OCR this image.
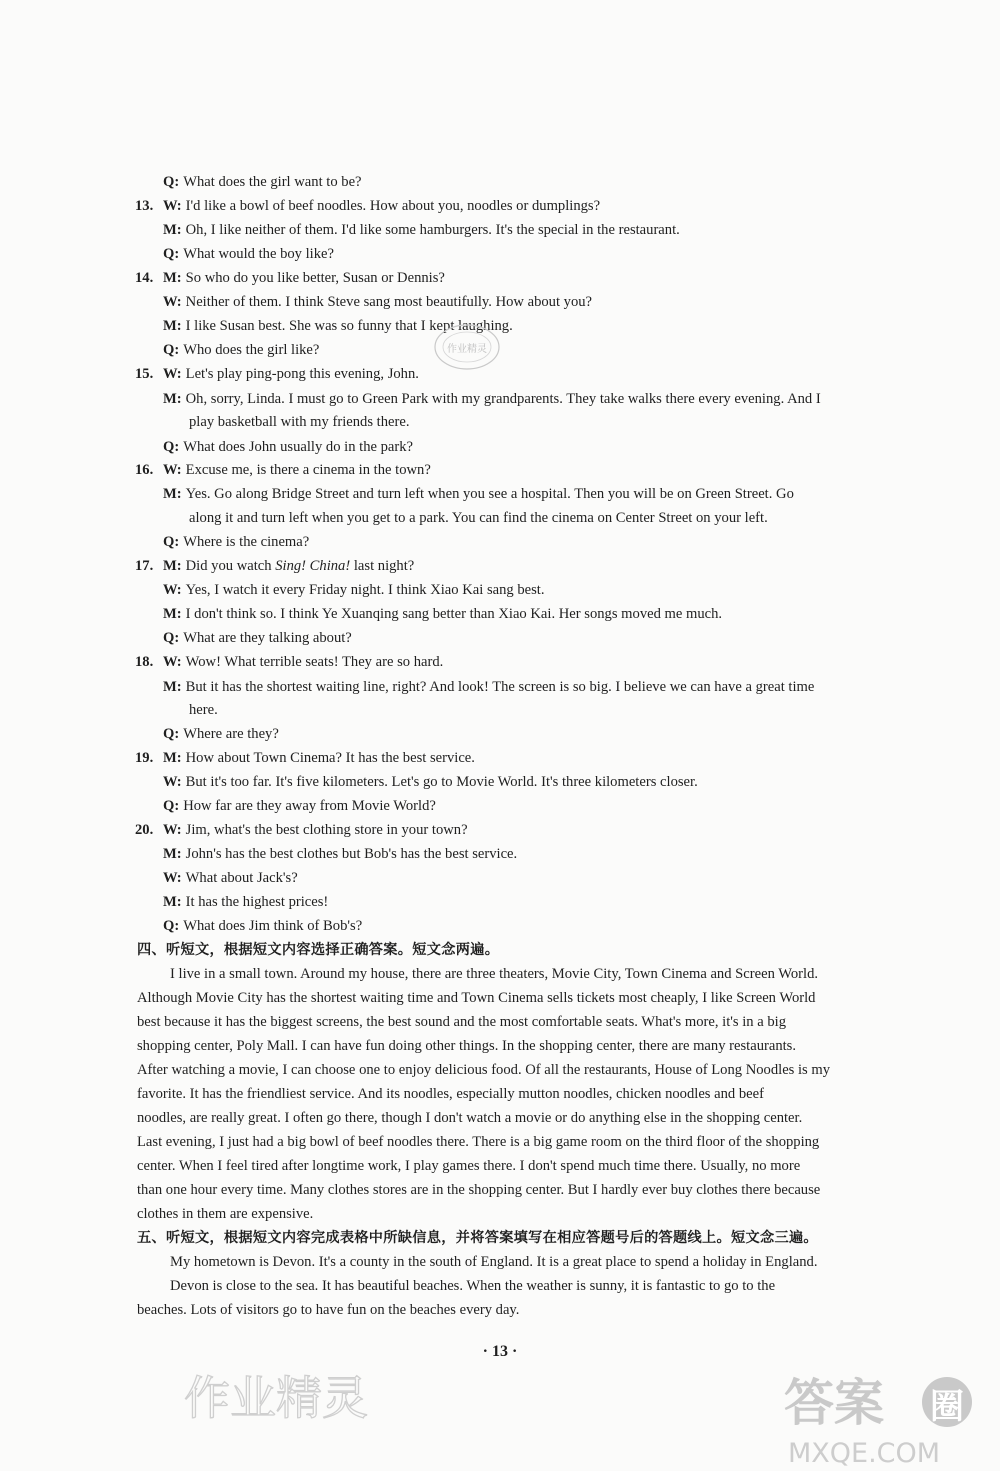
Q: What does the girl want to be?
13. W: I'd like a bowl of beef noodles. How about you, noodles or dumplings?
M: Oh, I like neither of them. I'd like some hamburgers. It's the special in the restaurant.
Q: What would the boy like?
14. M: So who do you like better, Susan or Dennis?
W: Neither of them. I think Steve sang most beautifully. How about you?
M: I like Susan best. She was so funny that I kept laughing.
Q: Who does the girl like?	作业精灵
15. W: Let's play ping-pong this evening, John.
M: Oh, sorry, Linda. I must go to Green Park with my grandparents. They take walks there every evening. And I
play basketball with my friends there.
Q: What does John usually do in the park?
16. W: Excuse me, is there a cinema in the town?
M: Yes. Go along Bridge Street and turn left when you see a hospital. Then you will be on Green Street. Go
along it and turn left when you get to a park. You can find the cinema on Center Street on your left.
Q: Where is the cinema?
17. M: Did you watch Sing! China! last night?
W: Yes, I watch it every Friday night. I think Xiao Kai sang best.
M: I don't think so. I think Ye Xuanqing sang better than Xiao Kai. Her songs moved me much.
Q: What are they talking about?
18. W: Wow! What terrible seats! They are so hard.
M: But it has the shortest waiting line, right? And look! The screen is so big. I believe we can have a great time
here.
Q: Where are they?
19. M: How about Town Cinema? It has the best service.
W: But it's too far. It's five kilometers. Let's go to Movie World. It's three kilometers closer.
Q: How far are they away from Movie World?
20. W: Jim, what's the best clothing store in your town?
M: John's has the best clothes but Bob's has the best service.
W: What about Jack's?
M: It has the highest prices!
Q: What does Jim think of Bob's?
四、听短文，根据短文内容选择正确答案。短文念两遍。
I live in a small town. Around my house, there are three theaters, Movie City, Town Cinema and Screen World.
Although Movie City has the shortest waiting time and Town Cinema sells tickets most cheaply, I like Screen World
best because it has the biggest screens, the best sound and the most comfortable seats. What's more, it's in a big
shopping center, Poly Mall. I can have fun doing other things. In the shopping center, there are many restaurants.
After watching a movie, I can choose one to enjoy delicious food. Of all the restaurants, House of Long Noodles is my
favorite. It has the friendliest service. And its noodles, especially mutton noodles, chicken noodles and beef
noodles, are really great. I often go there, though I don't watch a movie or do anything else in the shopping center.
Last evening, I just had a big bowl of beef noodles there. There is a big game room on the third floor of the shopping
center. When I feel tired after longtime work, I play games there. I don't spend much time there. Usually, no more
than one hour every time. Many clothes stores are in the shopping center. But I hardly ever buy clothes there because
clothes in them are expensive.
五、听短文，根据短文内容完成表格中所缺信息，并将答案填写在相应答题号后的答题线上。短文念三遍。
My hometown is Devon. It's a county in the south of England. It is a great place to spend a holiday in England.
Devon is close to the sea. It has beautiful beaches. When the weather is sunny, it is fantastic to go to the
beaches. Lots of visitors go to have fun on the beaches every day.
· 13 ·
作业精灵	答案 圈
MXQE.COM
